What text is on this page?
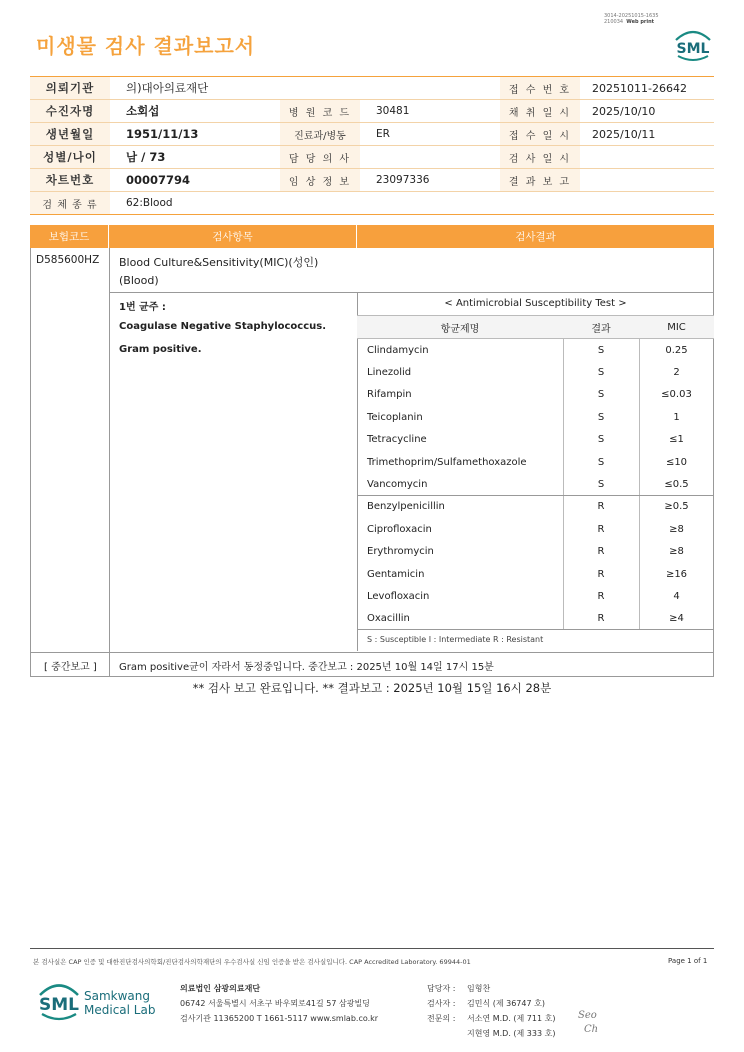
3014-20251015-1635
210034 Web print
미생물 검사 결과보고서	SML
의뢰기관	의)대아의료재단	접 수 번 호	20251011-26642
수진자명	소회섭	병 원 코 드	30481	채 취 일 시	2025/10/10
생년월일	1951/11/13	진료과/병동	ER	접 수 일 시	2025/10/11
성별/나이	남 / 73	담 당 의 사	검 사 일 시
차트번호	00007794	임 상 정 보	23097336	결 과 보 고
검 체 종 류	62:Blood
보험코드	검사항목	검사결과
D585600HZ Blood Culture&Sensitivity(MIC)(성인)
(Blood)
1번 균주 :
Coagulase Negative Staphylococcus.
Gram positive.
< Antimicrobial Susceptibility Test >
항균제명	결과	MIC
Clindamycin	S	0.25
Linezolid	S	2
Rifampin	S	≤0.03
Teicoplanin	S	1
Tetracycline	S	≤1
Trimethoprim/Sulfamethoxazole	S	≤10
Vancomycin	S	≤0.5
Benzylpenicillin	R	≥0.5
Ciprofloxacin	R	≥8
Erythromycin	R	≥8
Gentamicin	R	≥16
Levofloxacin	R	4
Oxacillin	R	≥4
S : Susceptible I : Intermediate R : Resistant
[ 중간보고 ] Gram positive균이 자라서 동정중입니다. 중간보고 : 2025년 10월 14일 17시 15분
** 검사 보고 완료입니다. ** 결과보고 : 2025년 10월 15일 16시 28분
본 검사실은 CAP 인증 및 대한진단검사의학회/진단검사의학재단의 우수검사실 신임 인증을 받은 검사실입니다. CAP Accredited Laboratory. 69944-01	Page 1 of 1
SML Samkwang
Medical Lab
의료법인 삼광의료재단
06742 서울특별시 서초구 바우뫼로41길 57 삼광빌딩
검사기관 11365200 T 1661-5117 www.smlab.co.kr
담당자 : 임형찬
검사자 : 김민식 (제 36747 호)
전문의 : 서소연 M.D. (제 711 호)
지현영 M.D. (제 333 호)
Seo
Ch
